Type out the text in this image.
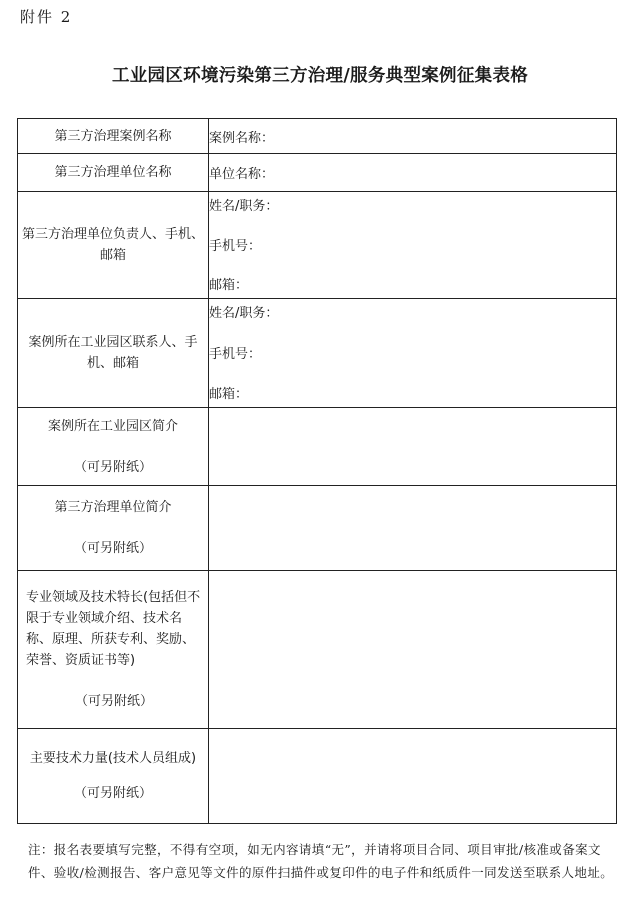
附件 2
工业园区环境污染第三方治理/服务典型案例征集表格
第三方治理案例名称	案例名称：
第三方治理单位名称	单位名称：
第三方治理单位负责人、手机、邮箱	姓名/职务：
手机号：
邮箱：

案例所在工业园区联系人、手机、邮箱	姓名/职务：
手机号：
邮箱：

案例所在工业园区简介
（可另附纸）	

第三方治理单位简介
（可另附纸）	

专业领域及技术特长(包括但不限于专业领域介绍、技术名称、原理、所获专利、奖励、荣誉、资质证书等)
（可另附纸）	

主要技术力量(技术人员组成)
（可另附纸）	

注：报名表要填写完整，不得有空项，如无内容请填“无”，并请将项目合同、项目审批/核准或备案文件、验收/检测报告、客户意见等文件的原件扫描件或复印件的电子件和纸质件一同发送至联系人地址。
